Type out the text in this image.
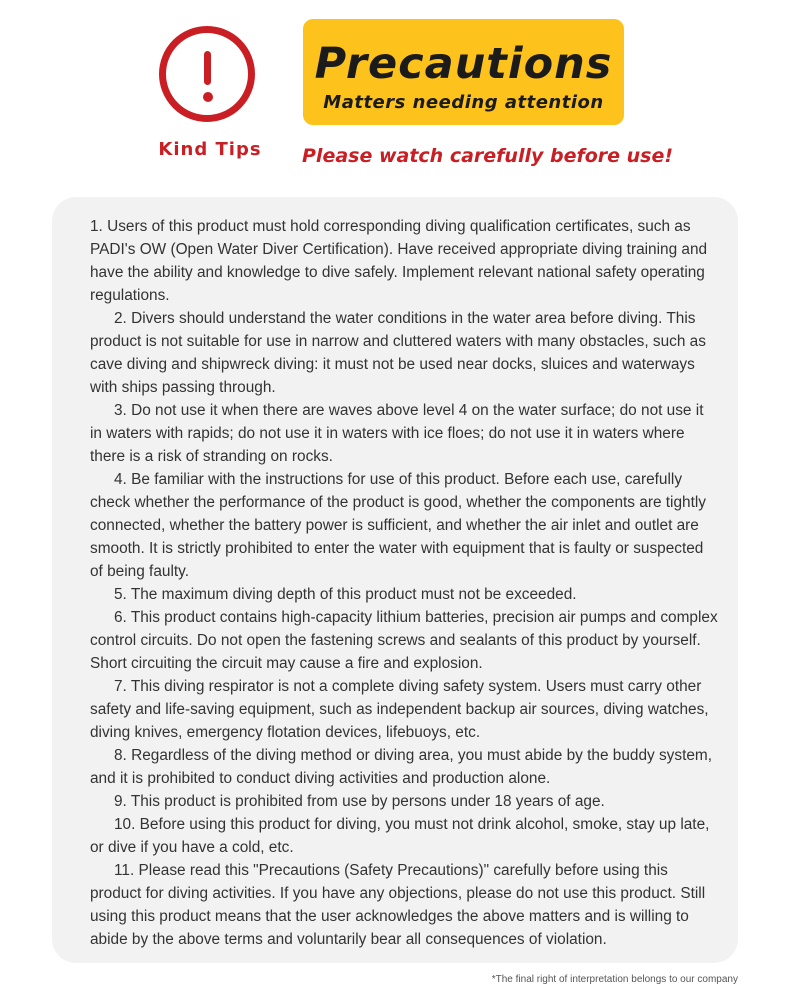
Kind Tips
Precautions
Matters needing attention
Please watch carefully before use!

1. Users of this product must hold corresponding diving qualification certificates, such as PADI's OW (Open Water Diver Certification). Have received appropriate diving training and have the ability and knowledge to dive safely. Implement relevant national safety operating regulations.

2. Divers should understand the water conditions in the water area before diving. This product is not suitable for use in narrow and cluttered waters with many obstacles, such as cave diving and shipwreck diving: it must not be used near docks, sluices and waterways with ships passing through.

3. Do not use it when there are waves above level 4 on the water surface; do not use it in waters with rapids; do not use it in waters with ice floes; do not use it in waters where there is a risk of stranding on rocks.

4. Be familiar with the instructions for use of this product. Before each use, carefully check whether the performance of the product is good, whether the components are tightly connected, whether the battery power is sufficient, and whether the air inlet and outlet are smooth. It is strictly prohibited to enter the water with equipment that is faulty or suspected of being faulty.

5. The maximum diving depth of this product must not be exceeded.

6. This product contains high-capacity lithium batteries, precision air pumps and complex control circuits. Do not open the fastening screws and sealants of this product by yourself. Short circuiting the circuit may cause a fire and explosion.

7. This diving respirator is not a complete diving safety system. Users must carry other safety and life-saving equipment, such as independent backup air sources, diving watches, diving knives, emergency flotation devices, lifebuoys, etc.

8. Regardless of the diving method or diving area, you must abide by the buddy system, and it is prohibited to conduct diving activities and production alone.

9. This product is prohibited from use by persons under 18 years of age.

10. Before using this product for diving, you must not drink alcohol, smoke, stay up late, or dive if you have a cold, etc.

11. Please read this "Precautions (Safety Precautions)" carefully before using this product for diving activities. If you have any objections, please do not use this product. Still using this product means that the user acknowledges the above matters and is willing to abide by the above terms and voluntarily bear all consequences of violation.

*The final right of interpretation belongs to our company
